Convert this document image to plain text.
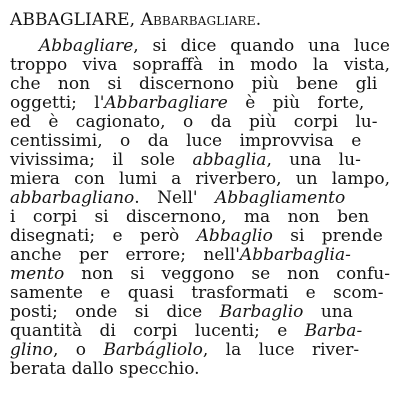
ABBAGLIARE, Abbarbagliare.
Abbagliare, si dice quando una luce
troppo viva sopraffà in modo la vista,
che non si discernono più bene gli
oggetti; l'Abbarbagliare è più forte,
ed è cagionato, o da più corpi lu-
centissimi, o da luce improvvisa e
vivissima; il sole abbaglia, una lu-
miera con lumi a riverbero, un lampo,
abbarbagliano. Nell' Abbagliamento
i corpi si discernono, ma non ben
disegnati; e però Abbaglio si prende
anche per errore; nell'Abbarbaglia-
mento non si veggono se non confu-
samente e quasi trasformati e scom-
posti; onde si dice Barbaglio una
quantità di corpi lucenti; e Barba-
glino, o Barbágliolo, la luce river-
berata dallo specchio.
